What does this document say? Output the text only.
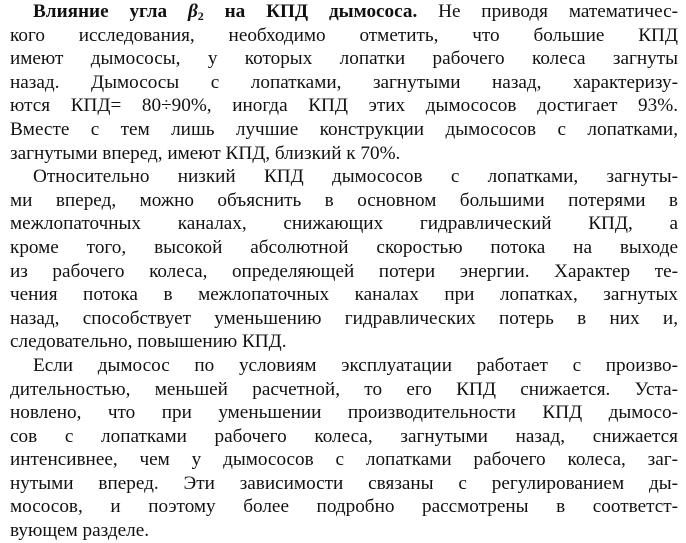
Влияние угла $\beta_2$ на КПД дымососа. Не приводя математичес-
кого исследования, необходимо отметить, что большие КПД
имеют дымососы, у которых лопатки рабочего колеса загнуты
назад. Дымососы с лопатками, загнутыми назад, характеризу-
ются КПД= 80÷90%, иногда КПД этих дымососов достигает 93%.
Вместе с тем лишь лучшие конструкции дымососов с лопатками,
загнутыми вперед, имеют КПД, близкий к 70%.
Относительно низкий КПД дымососов с лопатками, загнуты-
ми вперед, можно объяснить в основном большими потерями в
межлопаточных каналах, снижающих гидравлический КПД, а
кроме того, высокой абсолютной скоростью потока на выходе
из рабочего колеса, определяющей потери энергии. Характер те-
чения потока в межлопаточных каналах при лопатках, загнутых
назад, способствует уменьшению гидравлических потерь в них и,
следовательно, повышению КПД.
Если дымосос по условиям эксплуатации работает с произво-
дительностью, меньшей расчетной, то его КПД снижается. Уста-
новлено, что при уменьшении производительности КПД дымосо-
сов с лопатками рабочего колеса, загнутыми назад, снижается
интенсивнее, чем у дымососов с лопатками рабочего колеса, заг-
нутыми вперед. Эти зависимости связаны с регулированием ды-
мососов, и поэтому более подробно рассмотрены в соответст-
вующем разделе.
